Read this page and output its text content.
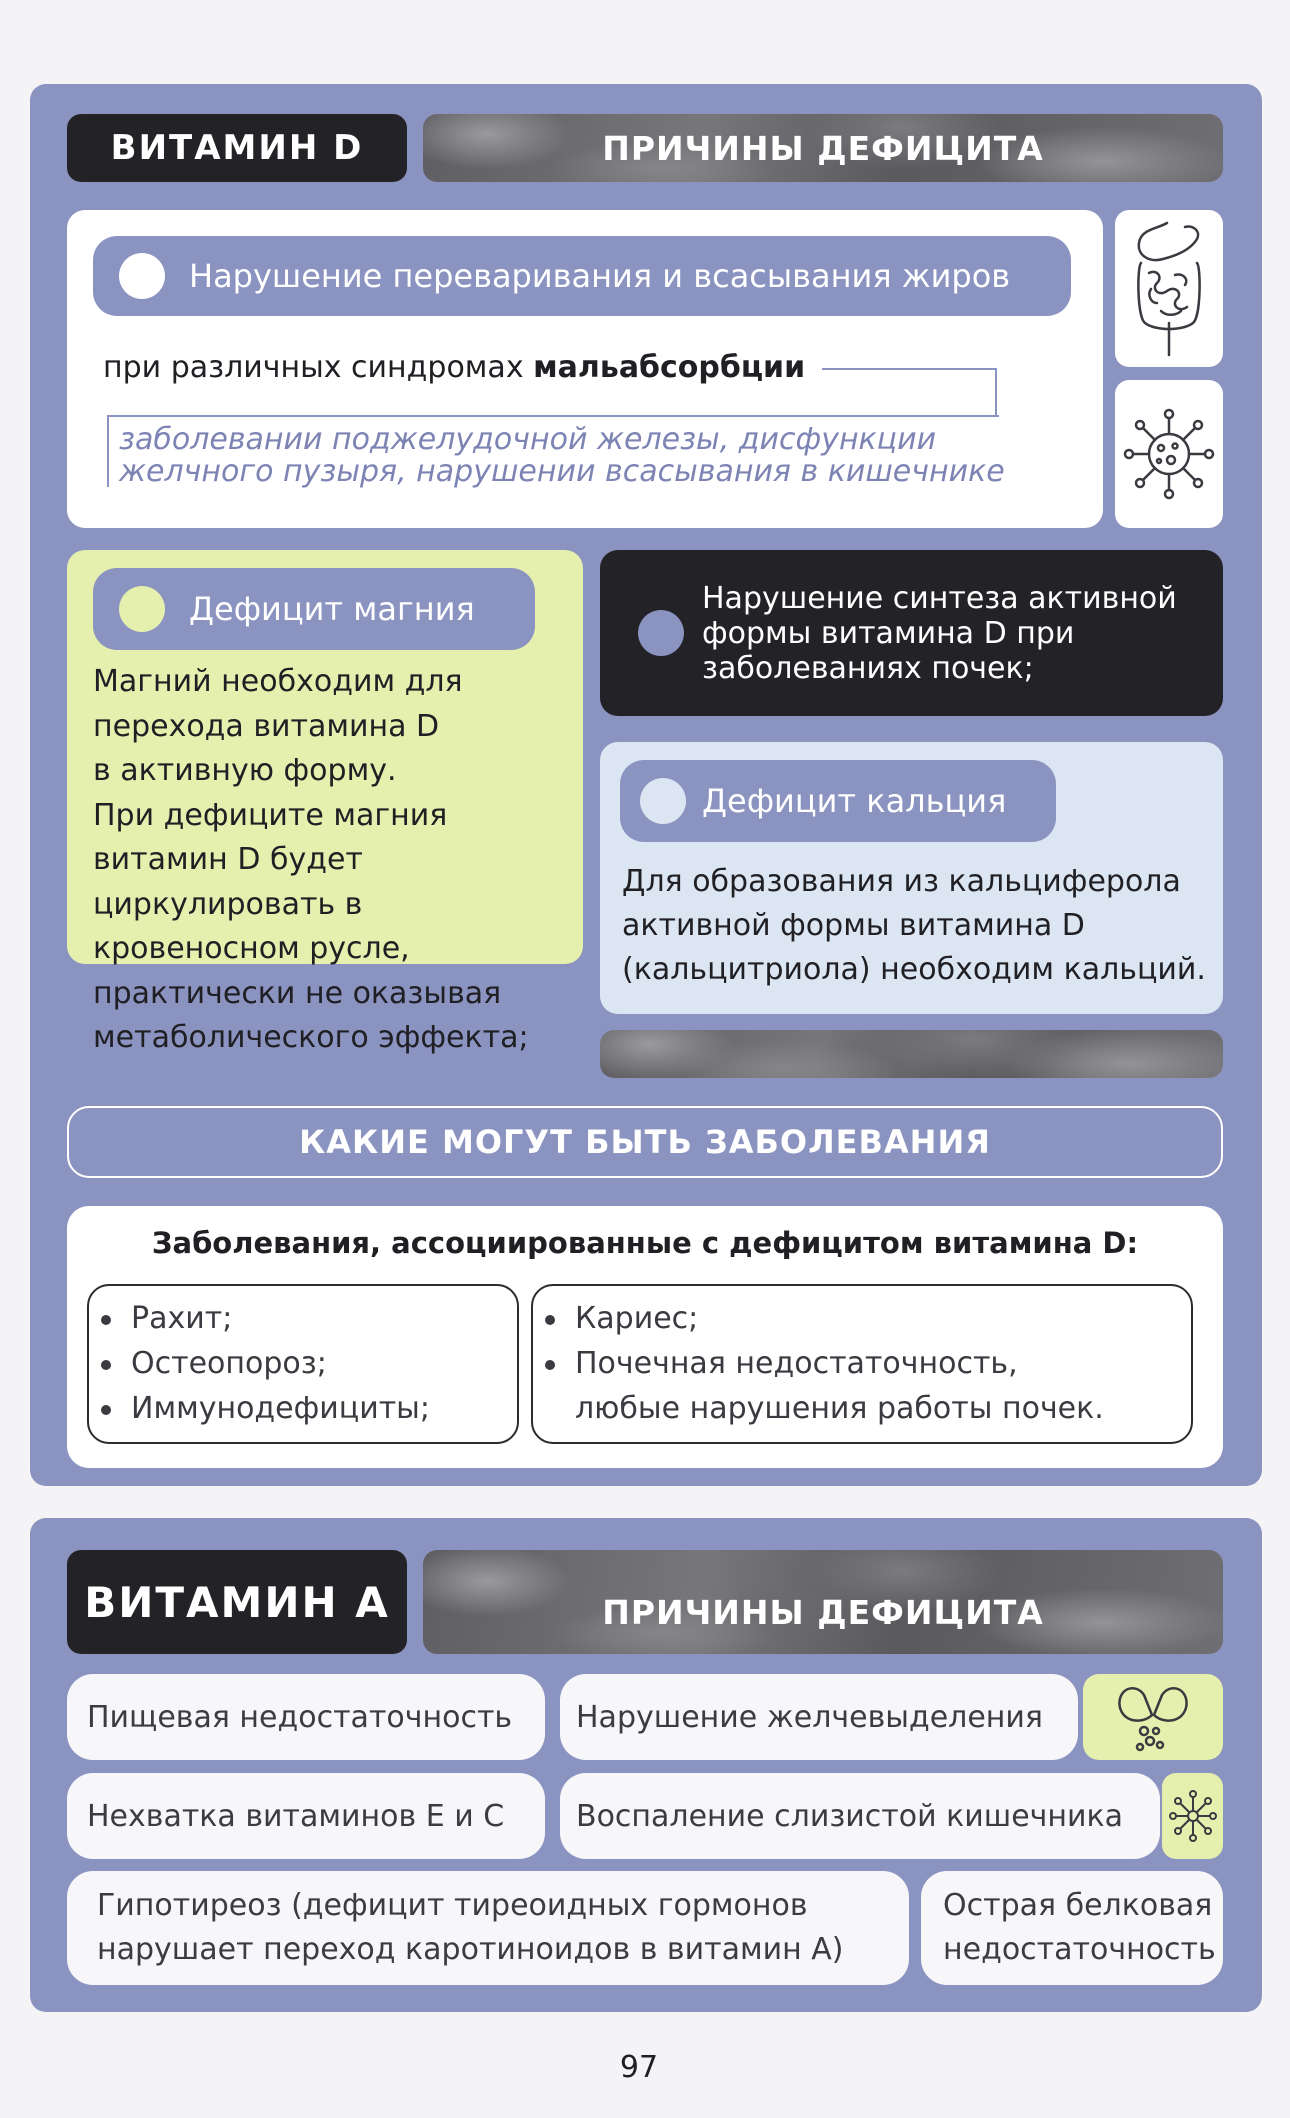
ВИТАМИН D	ПРИЧИНЫ ДЕФИЦИТА
Нарушение переваривания и всасывания жиров
при различных синдромах мальабсорбции
заболевании поджелудочной железы, дисфункции
желчного пузыря, нарушении всасывания в кишечнике
Дефицит магния
Магний необходим для
перехода витамина D
в активную форму.
При дефиците магния
витамин D будет
циркулировать в
кровеносном русле,
практически не оказывая
метаболического эффекта;
Нарушение синтеза активной
формы витамина D при
заболеваниях почек;
Дефицит кальция
Для образования из кальциферола
активной формы витамина D
(кальцитриола) необходим кальций.
КАКИЕ МОГУТ БЫТЬ ЗАБОЛЕВАНИЯ
Заболевания, ассоциированные с дефицитом витамина D:
Рахит;
Остеопороз;
Иммунодефициты;
Кариес;
Почечная недостаточность,
любые нарушения работы почек.
ВИТАМИН А	ПРИЧИНЫ ДЕФИЦИТА
Пищевая недостаточность	Нарушение желчевыделения
Нехватка витаминов Е и С	Воспаление слизистой кишечника
Гипотиреоз (дефицит тиреоидных гормонов
нарушает переход каротиноидов в витамин А)
Острая белковая
недостаточность
97
